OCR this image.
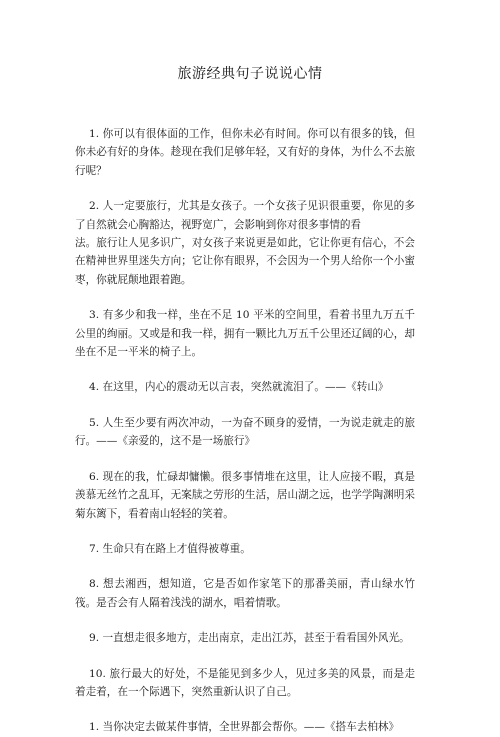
旅游经典句子说说心情

1. 你可以有很体面的工作，但你未必有时间。你可以有很多的钱，但你未必有好的身体。趁现在我们足够年轻，又有好的身体，为什么不去旅行呢？

2. 人一定要旅行，尤其是女孩子。一个女孩子见识很重要，你见的多了自然就会心胸豁达，视野宽广，会影响到你对很多事情的看

法。旅行让人见多识广，对女孩子来说更是如此，它让你更有信心，不会在精神世界里迷失方向；它让你有眼界，不会因为一个男人给你一个小蜜枣，你就屁颠地跟着跑。

3. 有多少和我一样，坐在不足 10 平米的空间里，看着书里九万五千公里的绚丽。又或是和我一样，拥有一颗比九万五千公里还辽阔的心，却坐在不足一平米的椅子上。

4. 在这里，内心的震动无以言表，突然就流泪了。——《转山》

5. 人生至少要有两次冲动，一为奋不顾身的爱情，一为说走就走的旅行。——《亲爱的，这不是一场旅行》

6. 现在的我，忙碌却慵懒。很多事情堆在这里，让人应接不暇，真是羡慕无丝竹之乱耳，无案牍之劳形的生活，居山湖之远，也学学陶渊明采菊东篱下，看着南山轻轻的笑着。

7. 生命只有在路上才值得被尊重。

8. 想去湘西，想知道，它是否如作家笔下的那番美丽，青山绿水竹筏。是否会有人隔着浅浅的湖水，唱着情歌。

9. 一直想走很多地方，走出南京，走出江苏，甚至于看看国外风光。

10. 旅行最大的好处，不是能见到多少人，见过多美的风景，而是走着走着，在一个际遇下，突然重新认识了自己。

1. 当你决定去做某件事情，全世界都会帮你。——《搭车去柏林》
